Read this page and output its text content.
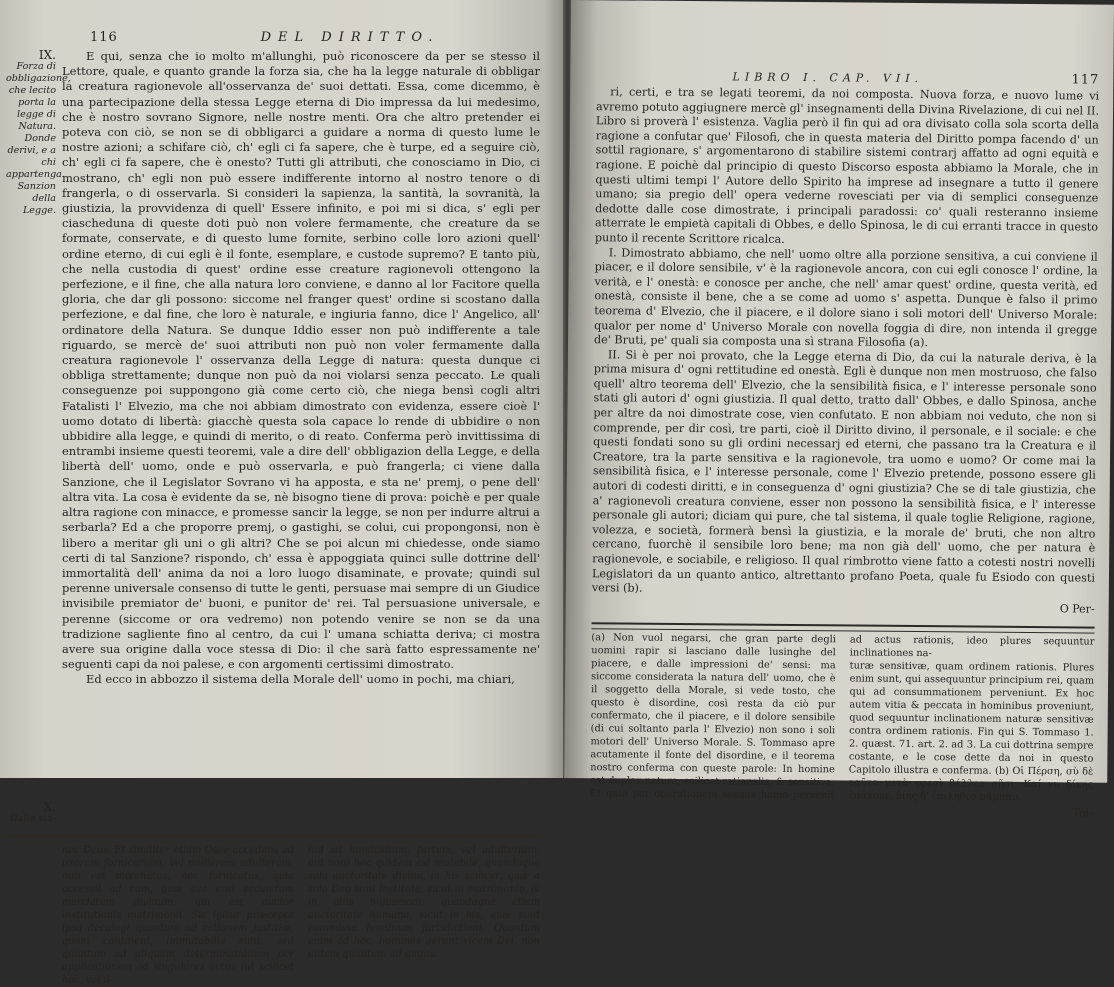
116	DEL DIRITTO.
IX.
Forza di obbligazione, che lecito porta la legge di Natura. Donde derivi, e a chi appartenga. Sanzion della Legge.
X.
Dalle sta-

E qui, senza che io molto m'allunghi, può riconoscere da per se stesso il Lettore, quale, e quanto grande la forza sia, che ha la legge naturale di obbligar la creatura ragionevole all'osservanza de' suoi dettati. Essa, come dicemmo, è una partecipazione della stessa Legge eterna di Dio impressa da lui medesimo, che è nostro sovrano Signore, nelle nostre menti. Ora che altro pretender ei poteva con ciò, se non se di obbligarci a guidare a norma di questo lume le nostre azioni; a schifare ciò, ch' egli ci fa sapere, che è turpe, ed a seguire ciò, ch' egli ci fa sapere, che è onesto? Tutti gli attributi, che conosciamo in Dio, ci mostrano, ch' egli non può essere indifferente intorno al nostro tenore o di frangerla, o di osservarla. Si consideri la sapienza, la santità, la sovranità, la giustizia, la provvidenza di quell' Essere infinito, e poi mi si dica, s' egli per ciascheduna di queste doti può non volere fermamente, che creature da se formate, conservate, e di questo lume fornite, serbino colle loro azioni quell' ordine eterno, di cui egli è il fonte, esemplare, e custode supremo? E tanto più, che nella custodia di quest' ordine esse creature ragionevoli ottengono la perfezione, e il fine, che alla natura loro conviene, e danno al lor Facitore quella gloria, che dar gli possono: siccome nel franger quest' ordine si scostano dalla perfezione, e dal fine, che loro è naturale, e ingiuria fanno, dice l' Angelico, all' ordinatore della Natura. Se dunque Iddio esser non può indifferente a tale riguardo, se mercè de' suoi attributi non può non voler fermamente dalla creatura ragionevole l' osservanza della Legge di natura: questa dunque ci obbliga strettamente; dunque non può da noi violarsi senza peccato. Le quali conseguenze poi suppongono già come certo ciò, che niega bensì cogli altri Fatalisti l' Elvezio, ma che noi abbiam dimostrato con evidenza, essere cioè l' uomo dotato di libertà: giacchè questa sola capace lo rende di ubbidire o non ubbidire alla legge, e quindi di merito, o di reato. Conferma però invittissima di entrambi insieme questi teoremi, vale a dire dell' obbligazion della Legge, e della libertà dell' uomo, onde e può osservarla, e può frangerla; ci viene dalla Sanzione, che il Legislator Sovrano vi ha apposta, e sta ne' premj, o pene dell' altra vita. La cosa è evidente da se, nè bisogno tiene di prova: poichè e per quale altra ragione con minacce, e promesse sancir la legge, se non per indurre altrui a serbarla? Ed a che proporre premj, o gastighi, se colui, cui propongonsi, non è libero a meritar gli uni o gli altri? Che se poi alcun mi chiedesse, onde siamo certi di tal Sanzione? rispondo, ch' essa è appoggiata quinci sulle dottrine dell' immortalità dell' anima da noi a loro luogo disaminate, e provate; quindi sul perenne universale consenso di tutte le genti, persuase mai sempre di un Giudice invisibile premiator de' buoni, e punitor de' rei. Tal persuasione universale, e perenne (siccome or ora vedremo) non potendo venire se non se da una tradizione sagliente fino al centro, da cui l' umana schiatta deriva; ci mostra avere sua origine dalla voce stessa di Dio: il che sarà fatto espressamente ne' seguenti capi da noi palese, e con argomenti certissimi dimostrato.

Ed ecco in abbozzo il sistema della Morale dell' uomo in pochi, ma chiari,

nec Deus. Et similiter etiam Osee accedens ad uxorem fornicariam, vel mulierem adulteram, non est mœchatus, nec fornicatus, quia accessit ad eam, quæ sua erat secundum mandatum divinum, qui est auctor institutionis matrimonii. Sic igitur præcepta ipsa decalogi quantum ad rationem justitiæ, quam continent, immutabilia sunt; sed quantum ad aliquam determinationem per applicationem ad singulares actus (ut scilicet hoc, vel il-

lud sit homicidium, furtum, vel adulterium, aut non) hoc quidem est mutabile, quandoque sola auctoritate divina, in his scilicet, quæ a solo Deo sunt instituta, sicut in matrimonio, & in aliis hujusmodi; quandoque etiam auctoritate humana, sicut in his, quæ sunt commissa hominum jurisdictioni. Quantum enim ad hoc, homines gerunt vicem Dei, non autem quantum ad omnia.

LIBRO I. CAP. VII.	117

ri, certi, e tra se legati teoremi, da noi composta. Nuova forza, e nuovo lume vi avremo potuto aggiugnere mercè gl' insegnamenti della Divina Rivelazione, di cui nel II. Libro si proverà l' esistenza. Vaglia però il fin qui ad ora divisato colla sola scorta della ragione a confutar que' Filosofi, che in questa materia del Diritto pompa facendo d' un sottil ragionare, s' argomentarono di stabilire sistemi contrarj affatto ad ogni equità e ragione. E poichè dal principio di questo Discorso esposta abbiamo la Morale, che in questi ultimi tempi l' Autore dello Spirito ha imprese ad insegnare a tutto il genere umano; sia pregio dell' opera vederne rovesciati per via di semplici conseguenze dedotte dalle cose dimostrate, i principali paradossi: co' quali resteranno insieme atterrate le empietà capitali di Obbes, e dello Spinosa, le di cui erranti tracce in questo punto il recente Scrittore ricalca.

I. Dimostrato abbiamo, che nell' uomo oltre alla porzione sensitiva, a cui conviene il piacer, e il dolore sensibile, v' è la ragionevole ancora, con cui egli conosce l' ordine, la verità, e l' onestà: e conosce per anche, che nell' amar quest' ordine, questa verità, ed onestà, consiste il bene, che a se come ad uomo s' aspetta. Dunque è falso il primo teorema d' Elvezio, che il piacere, e il dolore siano i soli motori dell' Universo Morale: qualor per nome d' Universo Morale con novella foggia di dire, non intenda il gregge de' Bruti, pe' quali sia composta una sì strana Filosofia (a).

II. Si è per noi provato, che la Legge eterna di Dio, da cui la naturale deriva, è la prima misura d' ogni rettitudine ed onestà. Egli è dunque non men mostruoso, che falso quell' altro teorema dell' Elvezio, che la sensibilità fisica, e l' interesse personale sono stati gli autori d' ogni giustizia. Il qual detto, tratto dall' Obbes, e dallo Spinosa, anche per altre da noi dimostrate cose, vien confutato. E non abbiam noi veduto, che non si comprende, per dir così, tre parti, cioè il Diritto divino, il personale, e il sociale: e che questi fondati sono su gli ordini necessarj ed eterni, che passano tra la Creatura e il Creatore, tra la parte sensitiva e la ragionevole, tra uomo e uomo? Or come mai la sensibilità fisica, e l' interesse personale, come l' Elvezio pretende, possono essere gli autori di codesti diritti, e in conseguenza d' ogni giustizia? Che se di tale giustizia, che a' ragionevoli creatura conviene, esser non possono la sensibilità fisica, e l' interesse personale gli autori; diciam qui pure, che tal sistema, il quale toglie Religione, ragione, volezza, e società, formerà bensì la giustizia, e la morale de' bruti, che non altro cercano, fuorchè il sensibile loro bene; ma non già dell' uomo, che per natura è ragionevole, e sociabile, e religioso. Il qual rimbrotto viene fatto a cotesti nostri novelli Legislatori da un quanto antico, altrettanto profano Poeta, quale fu Esiodo con questi versi (b).

O Per-

(a) Non vuol negarsi, che gran parte degli uomini rapir si lasciano dalle lusinghe del piacere, e dalle impressioni de' sensi: ma siccome considerata la natura dell' uomo, che è il soggetto della Morale, si vede tosto, che questo è disordine, così resta da ciò pur confermato, che il piacere, e il dolore sensibile (di cui soltanto parla l' Elvezio) non sono i soli motori dell' Universo Morale. S. Tommaso apre acutamente il fonte del disordine, e il teorema nostro conferma con queste parole: In homine est duplex natura, scilicet rationalis, & sensitiva. Et quia per operationem sensus homo pervenit ad actus rationis, ideo plures sequuntur inclinationes na-

turæ sensitivæ, quam ordinem rationis. Plures enim sunt, qui assequuntur principium rei, quam qui ad consummationem perveniunt. Ex hoc autem vitia & peccata in hominibus proveniunt, quod sequuntur inclinationem naturæ sensitivæ contra ordinem rationis. Fin qui S. Tommaso 1. 2. quæst. 71. art. 2. ad 3. La cui dottrina sempre costante, e le cose dette da noi in questo Capitolo illustra e conferma. (b) Οἱ Πέρση, σὺ δὲ ταῦτα μετὰ φρεσὶ βάλλεο σῇσι. Καί νυ δίκης ἐπάκουε, βίης δ' ἐπιλήθεο πάμπαν.

Toi-
